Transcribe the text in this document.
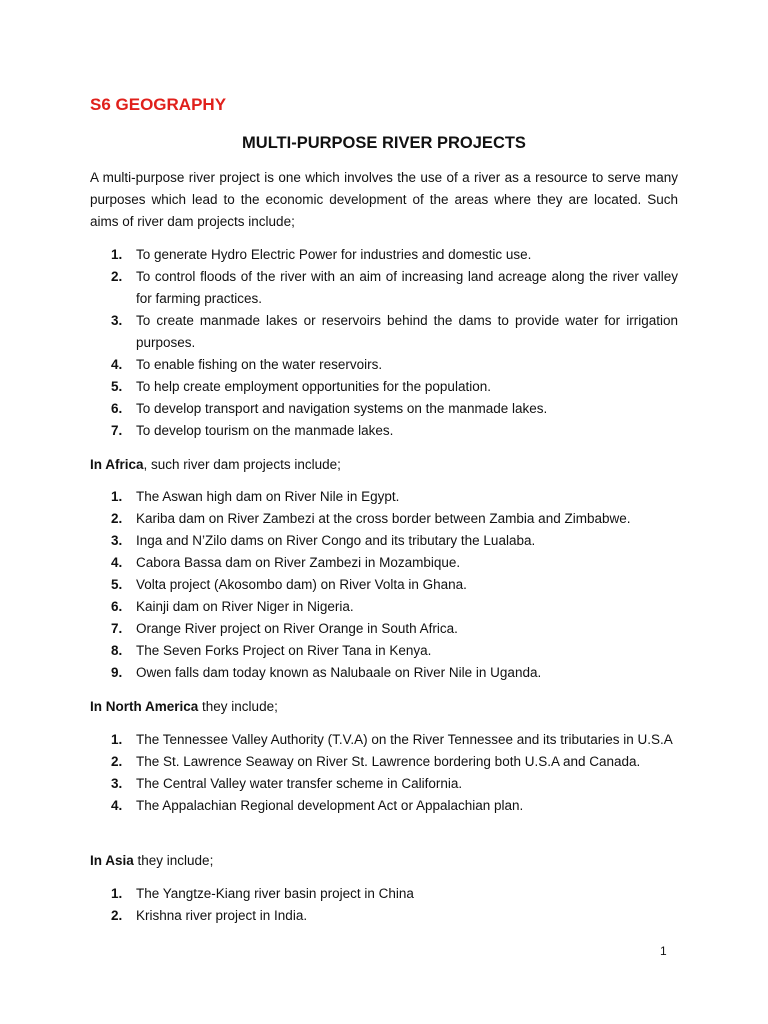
S6 GEOGRAPHY
MULTI-PURPOSE RIVER PROJECTS

A multi-purpose river project is one which involves the use of a river as a resource to serve many purposes which lead to the economic development of the areas where they are located. Such aims of river dam projects include;

1. To generate Hydro Electric Power for industries and domestic use.
2. To control floods of the river with an aim of increasing land acreage along the river valley for farming practices.
3. To create manmade lakes or reservoirs behind the dams to provide water for irrigation purposes.
4. To enable fishing on the water reservoirs.
5. To help create employment opportunities for the population.
6. To develop transport and navigation systems on the manmade lakes.
7. To develop tourism on the manmade lakes.

In Africa, such river dam projects include;

1. The Aswan high dam on River Nile in Egypt.
2. Kariba dam on River Zambezi at the cross border between Zambia and Zimbabwe.
3. Inga and N’Zilo dams on River Congo and its tributary the Lualaba.
4. Cabora Bassa dam on River Zambezi in Mozambique.
5. Volta project (Akosombo dam) on River Volta in Ghana.
6. Kainji dam on River Niger in Nigeria.
7. Orange River project on River Orange in South Africa.
8. The Seven Forks Project on River Tana in Kenya.
9. Owen falls dam today known as Nalubaale on River Nile in Uganda.

In North America they include;

1. The Tennessee Valley Authority (T.V.A) on the River Tennessee and its tributaries in U.S.A
2. The St. Lawrence Seaway on River St. Lawrence bordering both U.S.A and Canada.
3. The Central Valley water transfer scheme in California.
4. The Appalachian Regional development Act or Appalachian plan.

In Asia they include;

1. The Yangtze-Kiang river basin project in China
2. Krishna river project in India.
1
